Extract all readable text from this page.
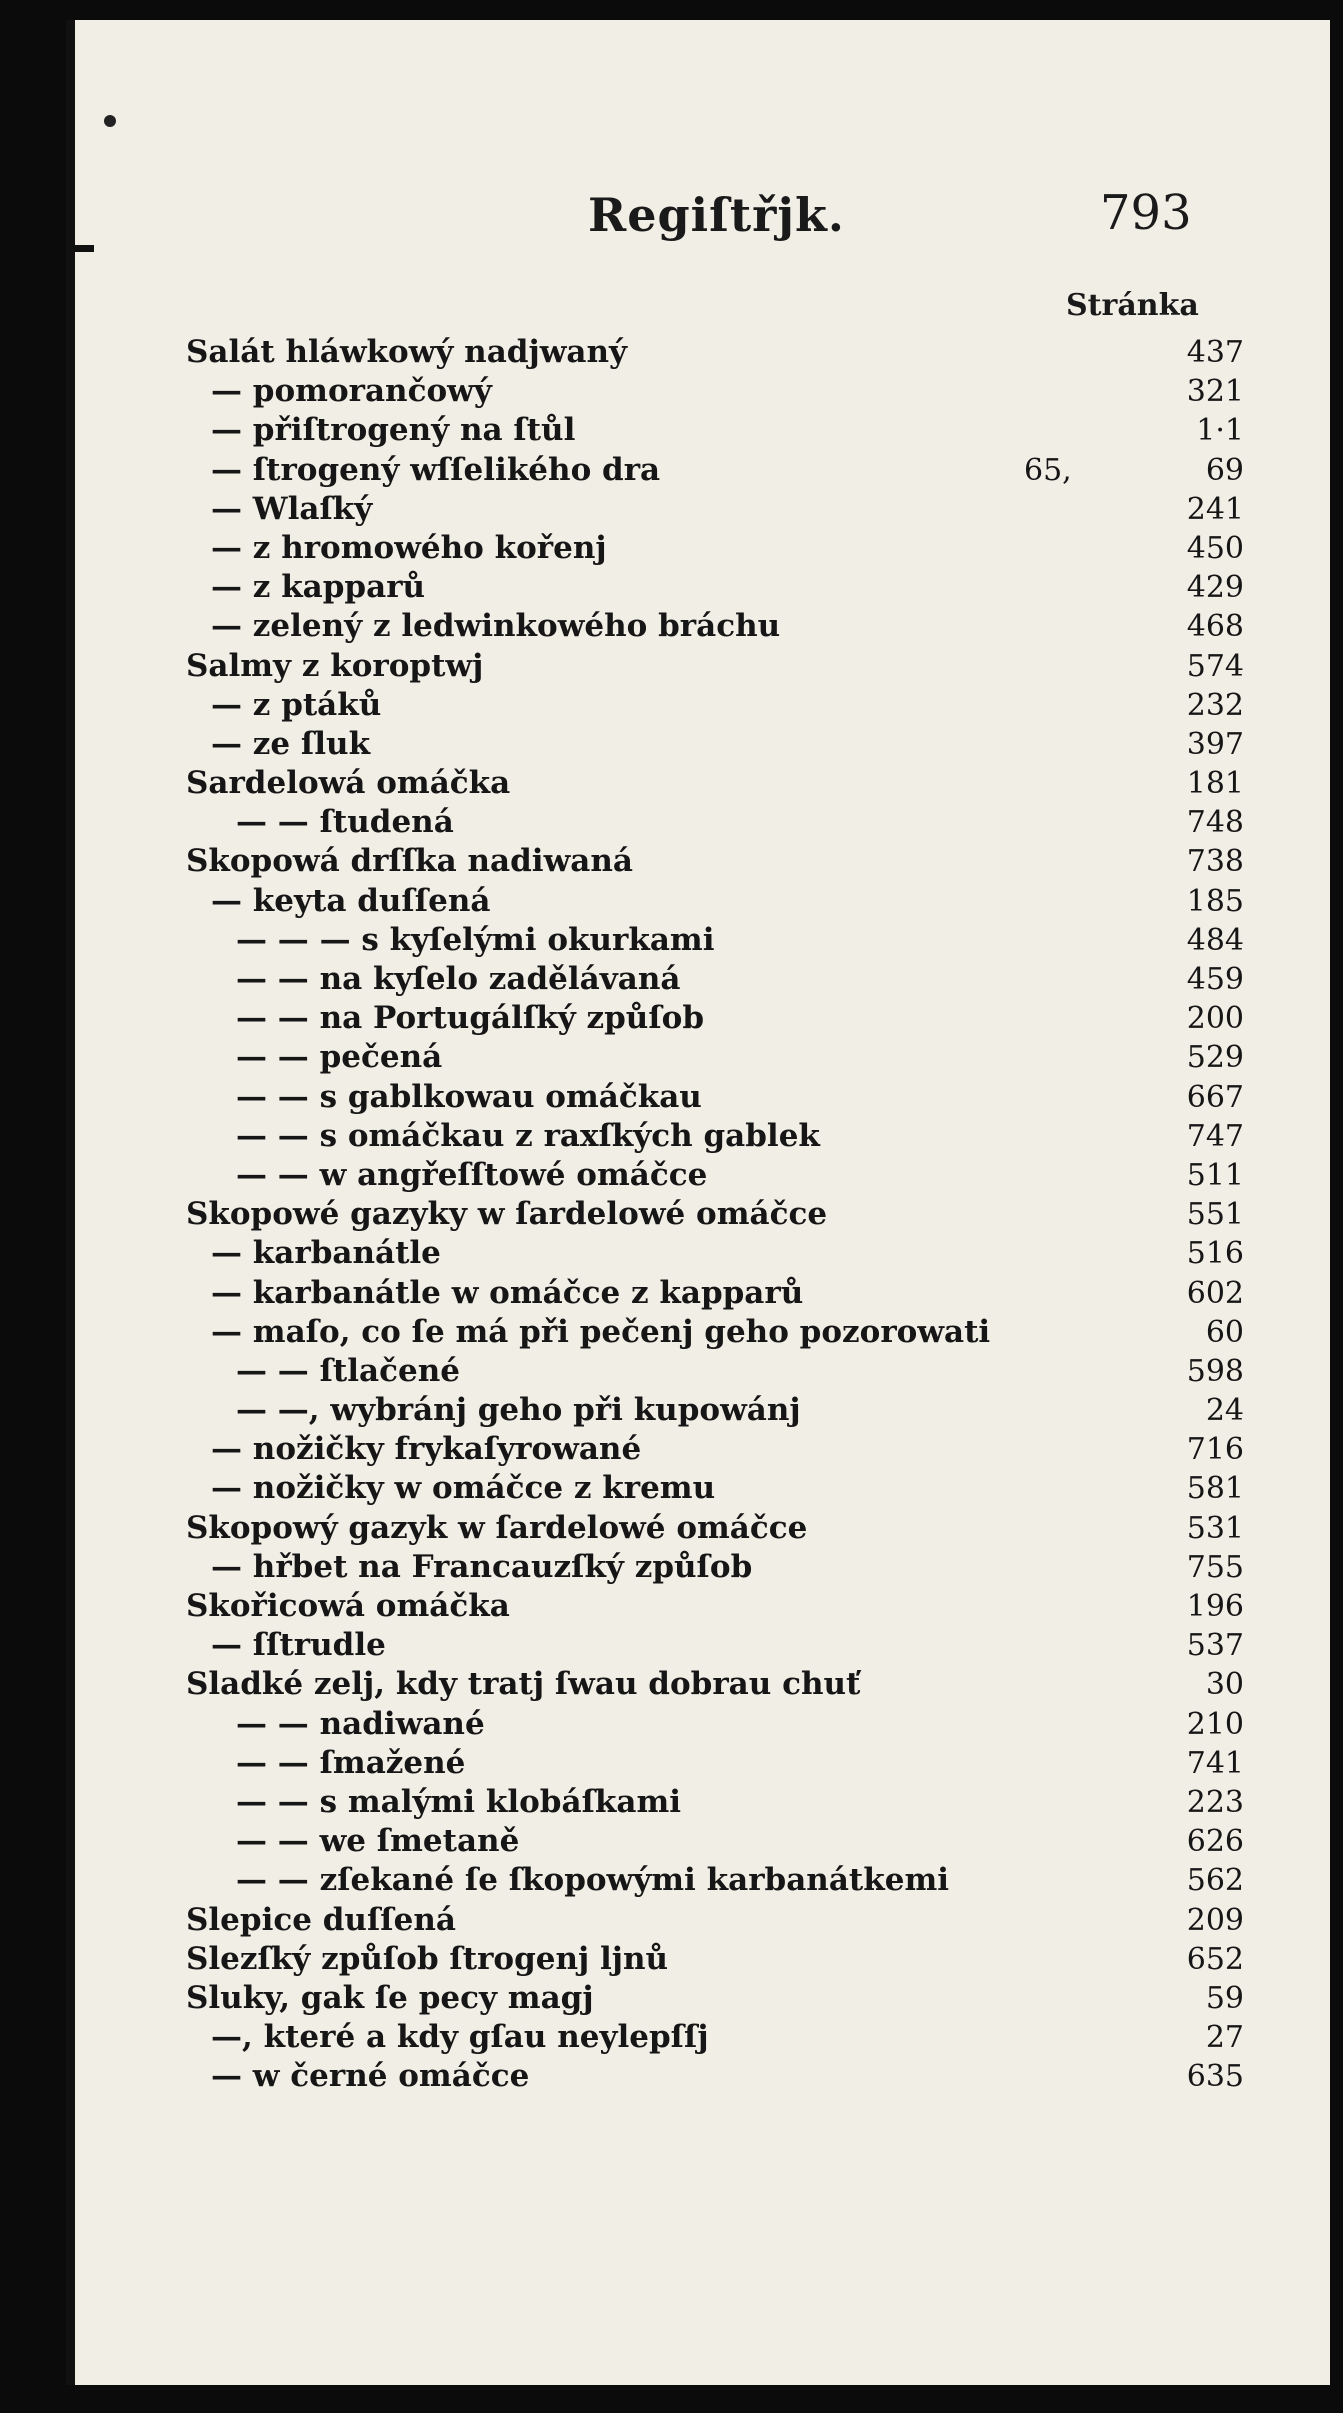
Regiſtřjk.	793
Stránka
Salát hláwkowý nadjwaný	437
— pomorančowý	321
— přiſtrogený na ſtůl	1·1
— ſtrogený wſſelikého dra	65,	69
— Wlaſký	241
— z hromowého kořenj	450
— z kapparů	429
— zelený z ledwinkowého bráchu	468
Salmy z koroptwj	574
— z ptáků	232
— ze ſluk	397
Sardelowá omáčka	181
— — ſtudená	748
Skopowá drſſka nadiwaná	738
— keyta duſſená	185
— — — s kyſelými okurkami	484
— — na kyſelo zadělávaná	459
— — na Portugálſký způſob	200
— — pečená	529
— — s gablkowau omáčkau	667
— — s omáčkau z raxſkých gablek	747
— — w angřeſſtowé omáčce	511
Skopowé gazyky w ſardelowé omáčce	551
— karbanátle	516
— karbanátle w omáčce z kapparů	602
— maſo, co ſe má při pečenj geho pozorowati	60
— — ſtlačené	598
— —, wybránj geho při kupowánj	24
— nožičky frykaſyrowané	716
— nožičky w omáčce z kremu	581
Skopowý gazyk w ſardelowé omáčce	531
— hřbet na Francauzſký způſob	755
Skořicowá omáčka	196
— ſſtrudle	537
Sladké zelj, kdy tratj ſwau dobrau chuť	30
— — nadiwané	210
— — ſmažené	741
— — s malými klobáſkami	223
— — we ſmetaně	626
— — zſekané ſe ſkopowými karbanátkemi	562
Slepice duſſená	209
Slezſký způſob ſtrogenj ljnů	652
Sluky, gak ſe pecy magj	59
—, které a kdy gſau neylepſſj	27
— w černé omáčce	635
